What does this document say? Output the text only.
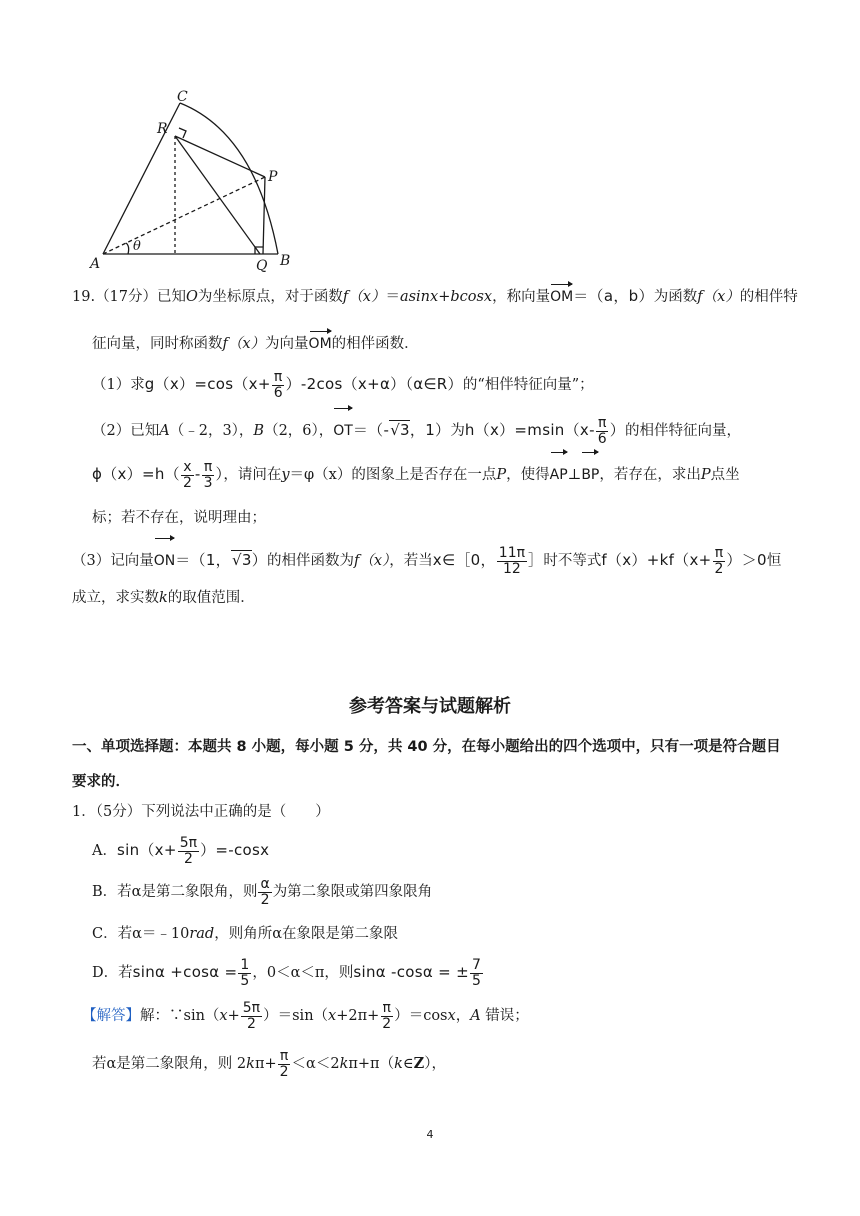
C
R
P
A
θ
Q B
19.（17分）已知O为坐标原点，对于函数f（x）＝asinx+bcosx，称向量OM＝（a，b）为函数f（x）的相伴特
征向量，同时称函数f（x）为向量OM的相伴函数．
（1）求$g(x)=\cos(x+ \frac{\pi}{6}$ ）-2cos（x+α）（α∈R）的“相伴特征向量”；
（2）已知A（﹣2，3），B（2，6），OT＝（-√3，1）为$h(x)=msin(x- \frac{\pi}{6}$ ）的相伴特征向量，
$\phi(x)=h( \frac{x}{2} - \frac{\pi}{3}$ ），请问在y＝φ（x）的图象上是否存在一点P，使得AP⊥BP，若存在，求出P点坐
标；若不存在，说明理由；
（3）记向量ON＝（1，√3）的相伴函数为f（x），若当x∈［0， $\frac{11\pi}{12}$ ］时不等式$f(x)+kf(x+ \frac{\pi}{2} )>0$恒
成立，求实数k的取值范围．
参考答案与试题解析
一、单项选择题：本题共 8 小题，每小题 5 分，共 40 分，在每小题给出的四个选项中，只有一项是符合题目
要求的．
1．（5分）下列说法中正确的是（　　）
A．$\sin(x+ \frac{5\pi}{2} )=-\cos x$
B．若α是第二象限角，则 $\frac{\alpha}{2}$ 为第二象限或第四象限角
C．若α＝﹣10rad，则角所α在象限是第二象限
D．若$\sin\alpha +\cos\alpha = \frac{1}{5}$ ，0＜α＜π，则sinα -cosα = ± $\frac{7}{5}$
【解答】解：∵sin（x+ $\frac{5\pi}{2} )=\sin(x+2\pi+ \frac{\pi}{2} )=\cos x$，A 错误；
若α是第二象限角，则 $2k\pi+ \frac{\pi}{2}$ ＜α＜2kπ+π（k∈Z），
4
